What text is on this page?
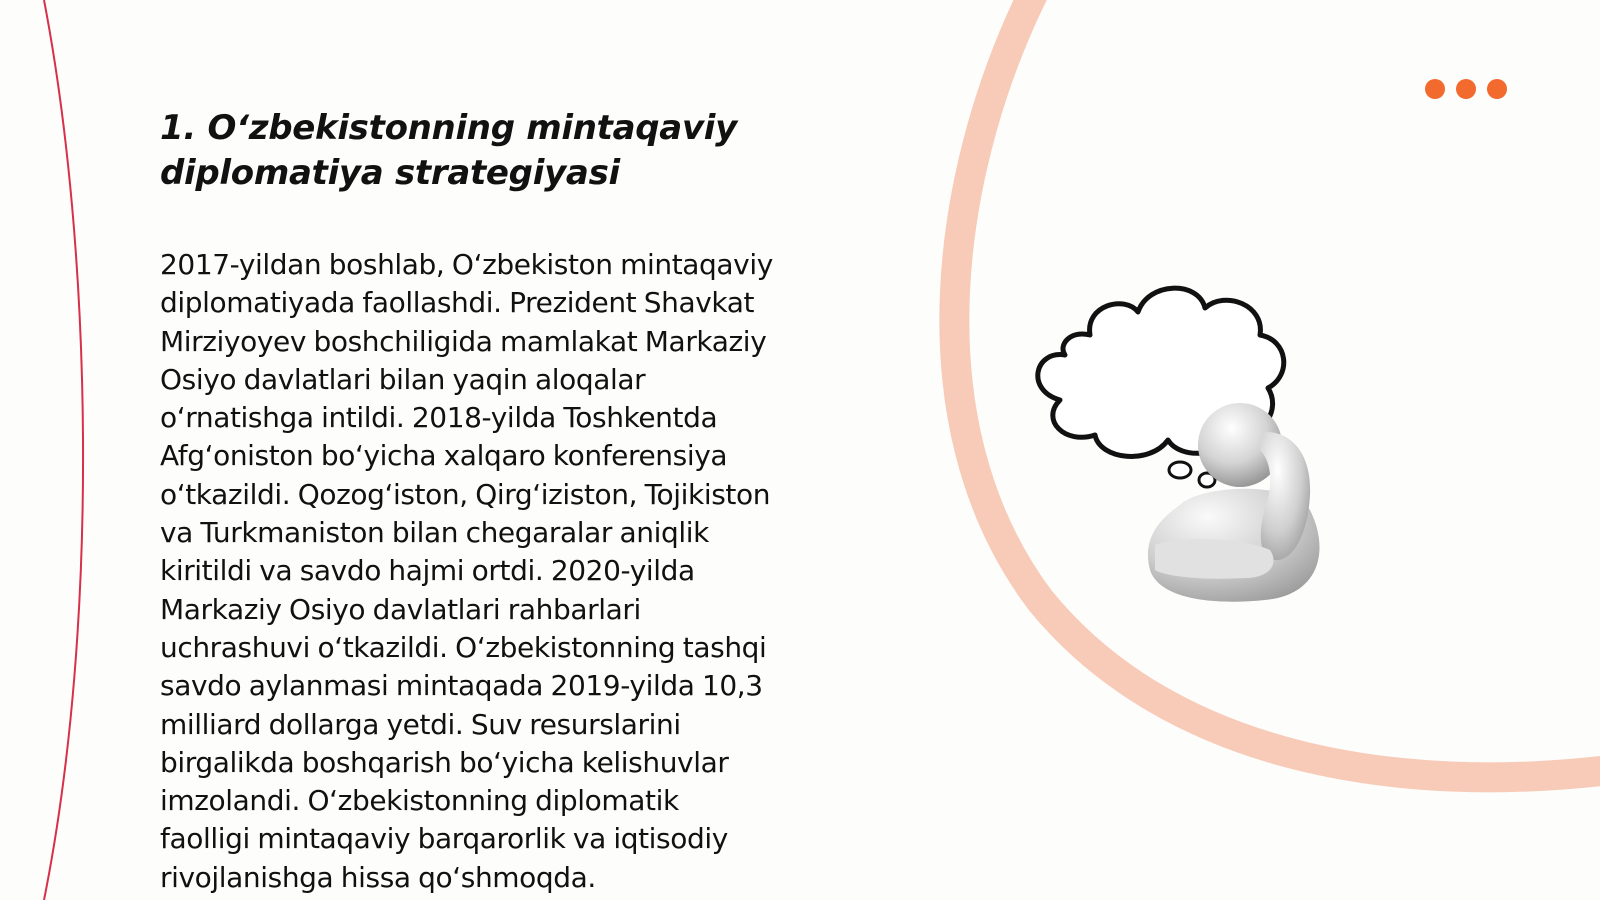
1. O‘zbekistonning mintaqaviy
diplomatiya strategiyasi
2017-yildan boshlab, O‘zbekiston mintaqaviy
diplomatiyada faollashdi. Prezident Shavkat
Mirziyoyev boshchiligida mamlakat Markaziy
Osiyo davlatlari bilan yaqin aloqalar
o‘rnatishga intildi. 2018-yilda Toshkentda
Afg‘oniston bo‘yicha xalqaro konferensiya
o‘tkazildi. Qozog‘iston, Qirg‘iziston, Tojikiston
va Turkmaniston bilan chegaralar aniqlik
kiritildi va savdo hajmi ortdi. 2020-yilda
Markaziy Osiyo davlatlari rahbarlari
uchrashuvi o‘tkazildi. O‘zbekistonning tashqi
savdo aylanmasi mintaqada 2019-yilda 10,3
milliard dollarga yetdi. Suv resurslarini
birgalikda boshqarish bo‘yicha kelishuvlar
imzolandi. O‘zbekistonning diplomatik
faolligi mintaqaviy barqarorlik va iqtisodiy
rivojlanishga hissa qo‘shmoqda.
